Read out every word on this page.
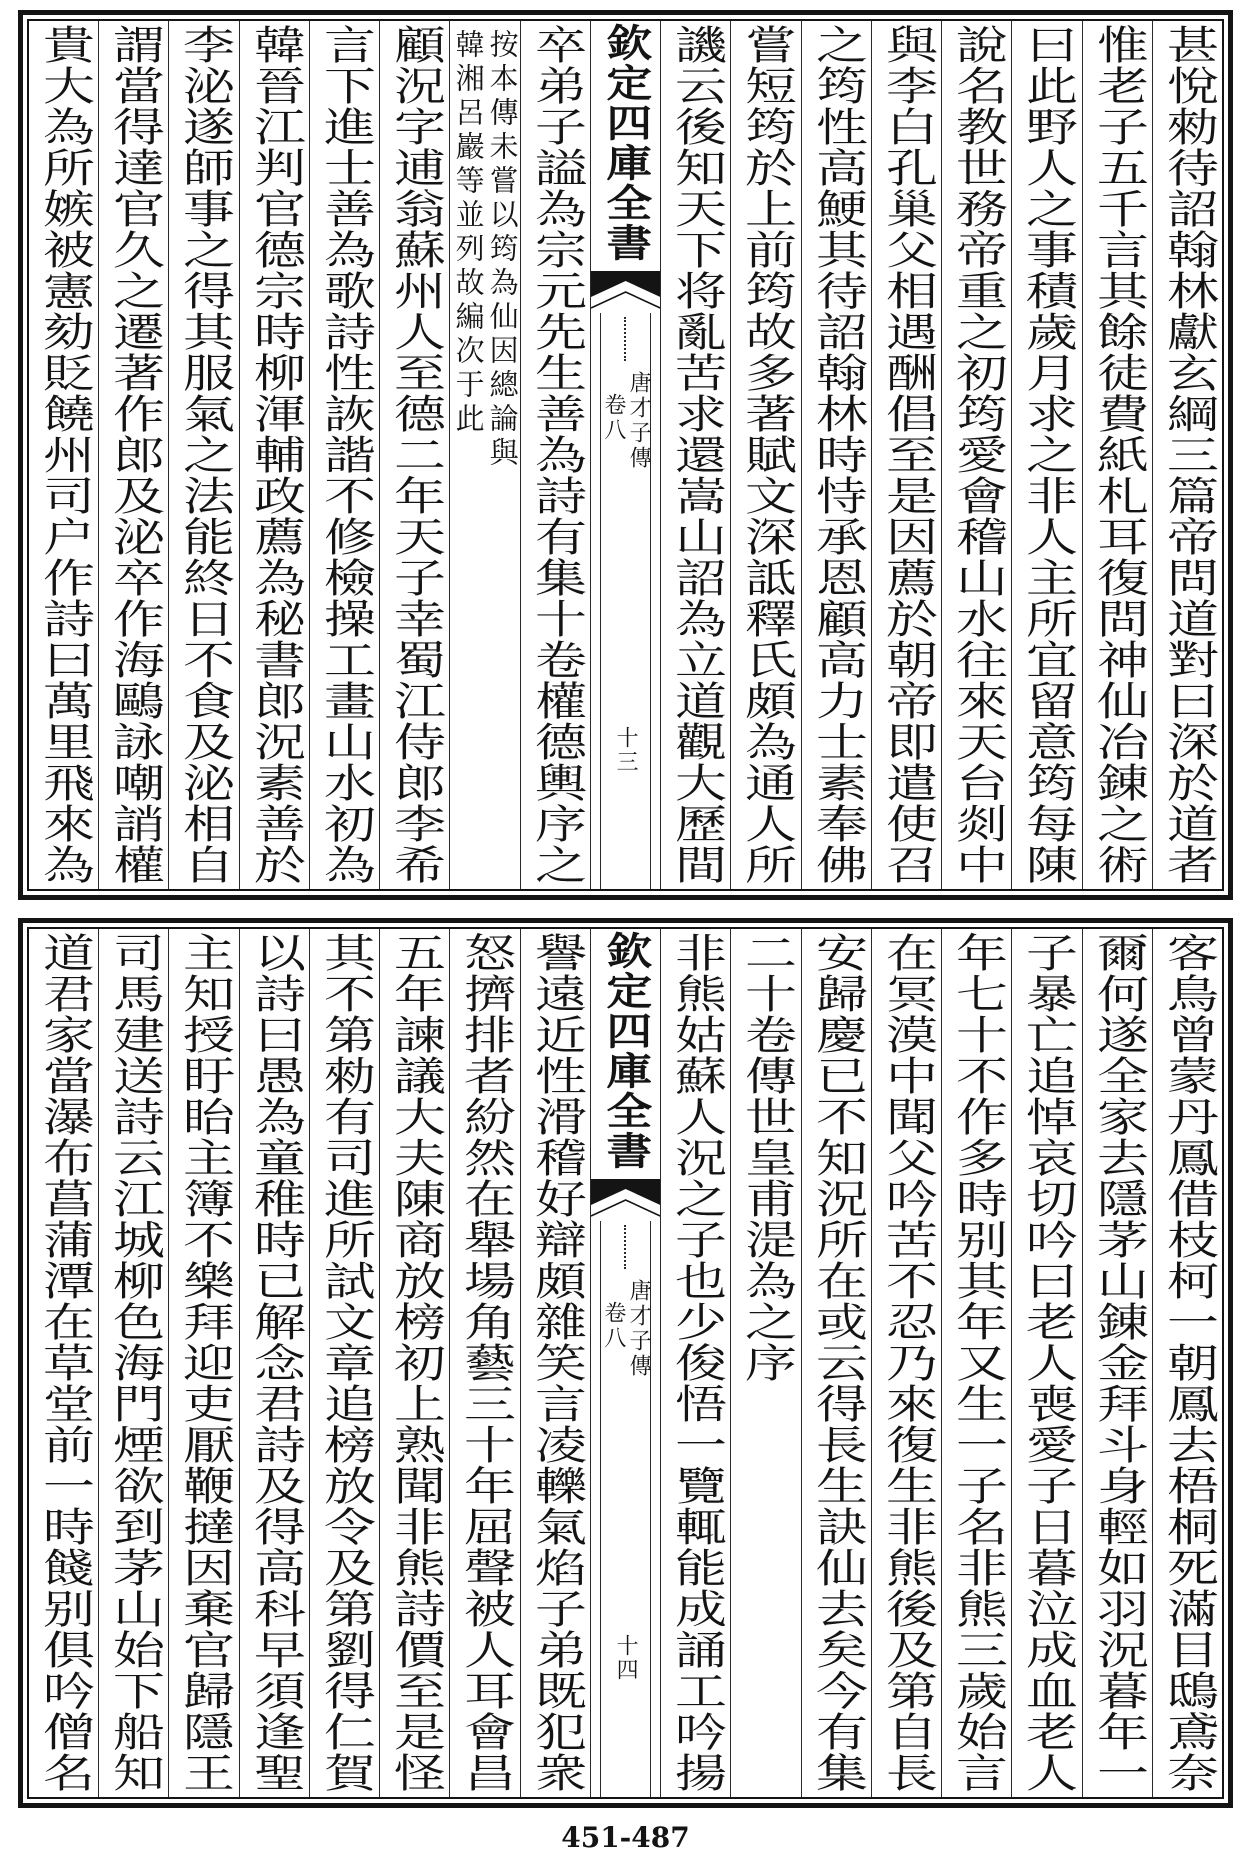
甚悅勑待詔翰林獻玄綱三篇帝問道對曰深於道者
惟老子五千言其餘徒費紙札耳復問神仙冶錬之術
曰此野人之事積歲月求之非人主所宜留意筠每陳
說名教世務帝重之初筠愛會稽山水往來天台剡中
與李白孔巢父相遇酬倡至是因薦於朝帝即遣使召
之筠性高鯁其待詔翰林時恃承恩顧高力士素奉佛
嘗短筠於上前筠故多著賦文深詆釋氏頗為通人所
譏云後知天下将亂苦求還嵩山詔為立道觀大歷間
欽定四庫全書
唐才子傳
卷八
十三
卒弟子謚為宗元先生善為詩有集十卷權德輿序之
按本傳未嘗以筠為仙因總論與
韓湘呂巖等並列故編次于此
顧況字逋翁蘇州人至德二年天子幸蜀江侍郎李希
言下進士善為歌詩性詼諧不修檢操工畫山水初為
韓晉江判官德宗時柳渾輔政薦為秘書郎況素善於
李泌遂師事之得其服氣之法能終日不食及泌相自
謂當得達官久之遷著作郎及泌卒作海鷗詠嘲誚權
貴大為所嫉被憲劾貶饒州司户作詩曰萬里飛來為
客鳥曾蒙丹鳳借枝柯一朝鳳去梧桐死滿目鴟鳶奈
爾何遂全家去隱茅山錬金拜斗身輕如羽況暮年一
子暴亡追悼哀切吟曰老人喪愛子日暮泣成血老人
年七十不作多時别其年又生一子名非熊三歲始言
在冥漠中聞父吟苦不忍乃來復生非熊後及第自長
安歸慶已不知況所在或云得長生訣仙去矣今有集
二十卷傳世皇甫湜為之序
非熊姑蘇人況之子也少俊悟一覽輒能成誦工吟揚
欽定四庫全書
唐才子傳
卷八
十四
譽遠近性滑稽好辯頗雜笑言凌轢氣焰子弟既犯衆
怒擠排者紛然在舉場角藝三十年屈聲被人耳會昌
五年諫議大夫陳商放榜初上熟聞非熊詩價至是怪
其不第勑有司進所試文章追榜放令及第劉得仁賀
以詩曰愚為童稚時已解念君詩及得高科早須逢聖
主知授盱眙主簿不樂拜迎吏厭鞭撻因棄官歸隱王
司馬建送詩云江城柳色海門煙欲到茅山始下船知
道君家當瀑布菖蒲潭在草堂前一時餞别俱吟僧名
451-487
